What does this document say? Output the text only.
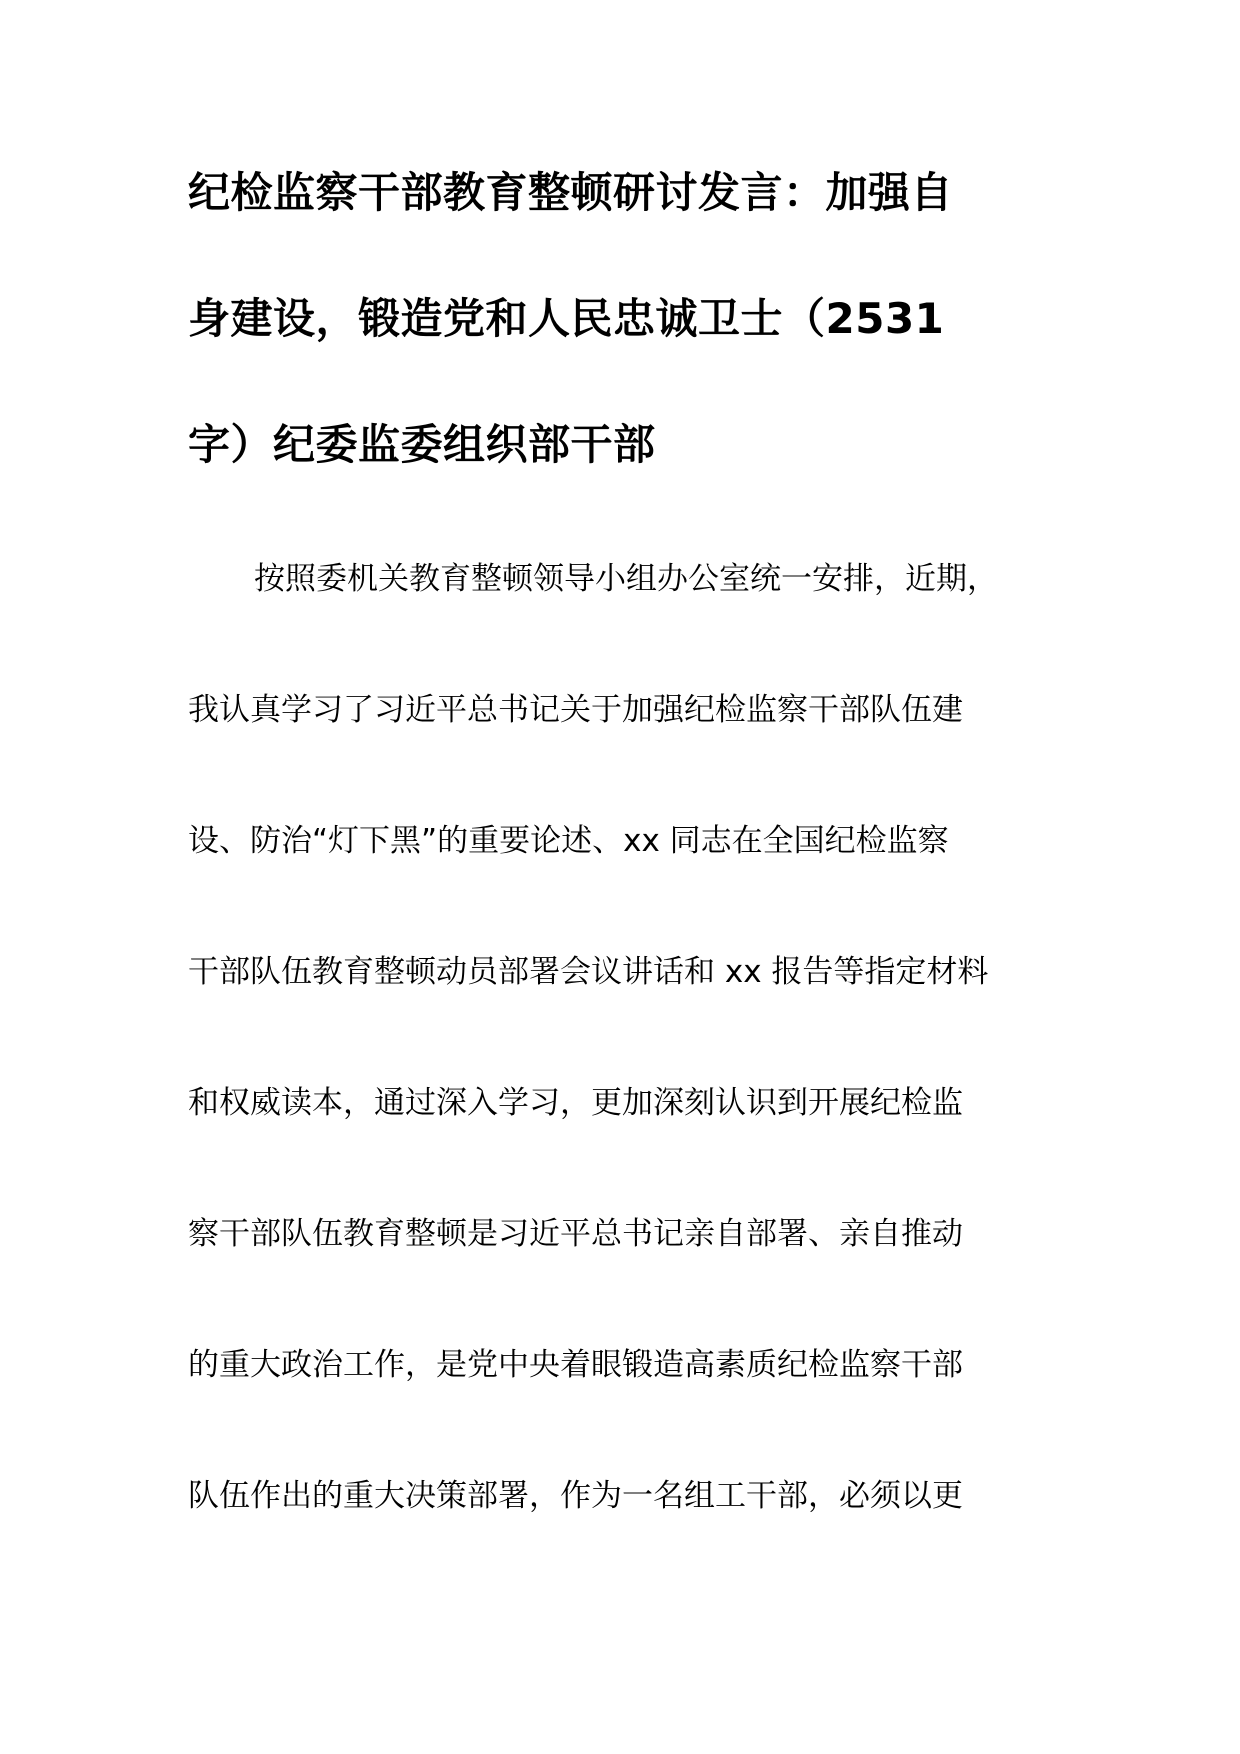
纪检监察干部教育整顿研讨发言：加强自
身建设，锻造党和人民忠诚卫士（2531
字）纪委监委组织部干部
按照委机关教育整顿领导小组办公室统一安排，近期，
我认真学习了习近平总书记关于加强纪检监察干部队伍建
设、防治“灯下黑”的重要论述、xx 同志在全国纪检监察
干部队伍教育整顿动员部署会议讲话和 xx 报告等指定材料
和权威读本，通过深入学习，更加深刻认识到开展纪检监
察干部队伍教育整顿是习近平总书记亲自部署、亲自推动
的重大政治工作，是党中央着眼锻造高素质纪检监察干部
队伍作出的重大决策部署，作为一名组工干部，必须以更
